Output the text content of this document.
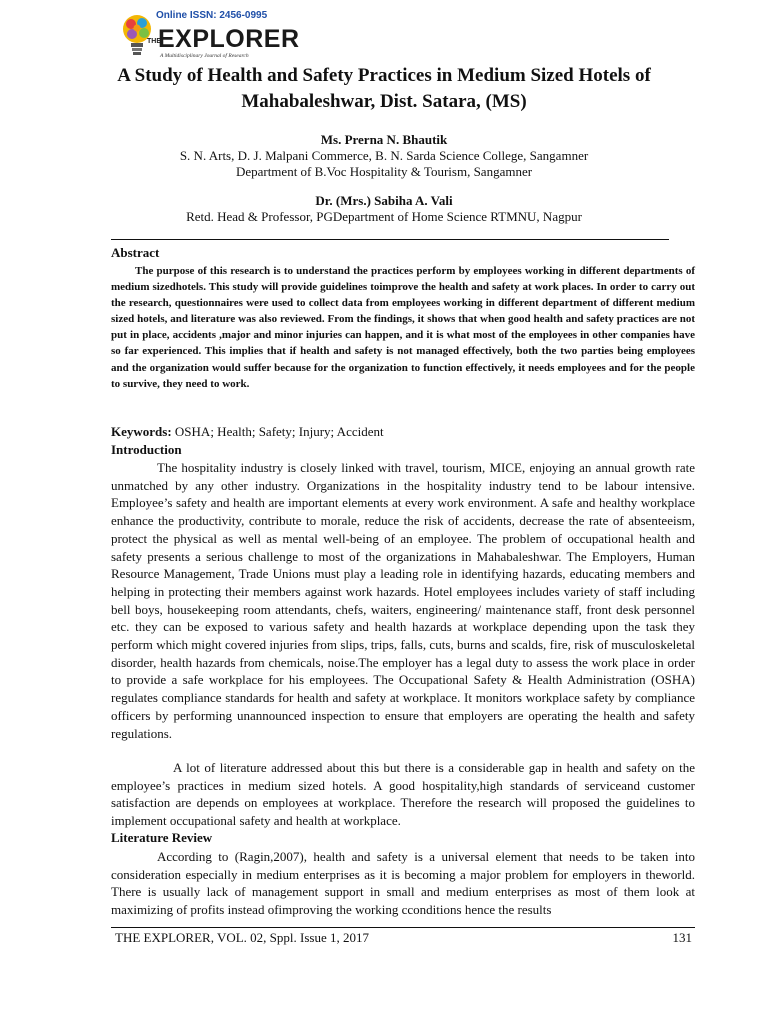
Online ISSN: 2456-0995
THE
EXPLORER
A Multidisciplinary Journal of Research
A Study of Health and Safety Practices in Medium Sized Hotels of
Mahabaleshwar, Dist. Satara, (MS)
Ms. Prerna N. Bhautik
S. N. Arts, D. J. Malpani Commerce, B. N. Sarda Science College, Sangamner
Department of B.Voc Hospitality & Tourism, Sangamner
Dr. (Mrs.) Sabiha A. Vali
Retd. Head & Professor, PGDepartment of Home Science RTMNU, Nagpur
Abstract
The purpose of this research is to understand the practices perform by employees working in different departments of medium sizedhotels. This study will provide guidelines toimprove the health and safety at work places. In order to carry out the research, questionnaires were used to collect data from employees working in different department of different medium sized hotels, and literature was also reviewed. From the findings, it shows that when good health and safety practices are not put in place, accidents ,major and minor injuries can happen, and it is what most of the employees in other companies have so far experienced. This implies that if health and safety is not managed effectively, both the two parties being employees and the organization would suffer because for the organization to function effectively, it needs employees and for the people to survive, they need to work.
Keywords: OSHA; Health; Safety; Injury; Accident
Introduction
The hospitality industry is closely linked with travel, tourism, MICE, enjoying an annual growth rate unmatched by any other industry. Organizations in the hospitality industry tend to be labour intensive. Employee’s safety and health are important elements at every work environment. A safe and healthy workplace enhance the productivity, contribute to morale, reduce the risk of accidents, decrease the rate of absenteeism, protect the physical as well as mental well-being of an employee. The problem of occupational health and safety presents a serious challenge to most of the organizations in Mahabaleshwar. The Employers, Human Resource Management, Trade Unions must play a leading role in identifying hazards, educating members and helping in protecting their members against work hazards. Hotel employees includes variety of staff including bell boys, housekeeping room attendants, chefs, waiters, engineering/ maintenance staff, front desk personnel etc. they can be exposed to various safety and health hazards at workplace depending upon the task they perform which might covered injuries from slips, trips, falls, cuts, burns and scalds, fire, risk of musculoskeletal disorder, health hazards from chemicals, noise.The employer has a legal duty to assess the work place in order to provide a safe workplace for his employees. The Occupational Safety & Health Administration (OSHA) regulates compliance standards for health and safety at workplace. It monitors workplace safety by compliance officers by performing unannounced inspection to ensure that employers are operating the health and safety regulations.
A lot of literature addressed about this but there is a considerable gap in health and safety on the employee’s practices in medium sized hotels. A good hospitality,high standards of serviceand customer satisfaction are depends on employees at workplace. Therefore the research will proposed the guidelines to implement occupational safety and health at workplace.
Literature Review
According to (Ragin,2007), health and safety is a universal element that needs to be taken into consideration especially in medium enterprises as it is becoming a major problem for employers in theworld. There is usually lack of management support in small and medium enterprises as most of them look at maximizing of profits instead ofimproving the working cconditions hence the results
THE EXPLORER, VOL. 02, Sppl. Issue 1, 2017	131
